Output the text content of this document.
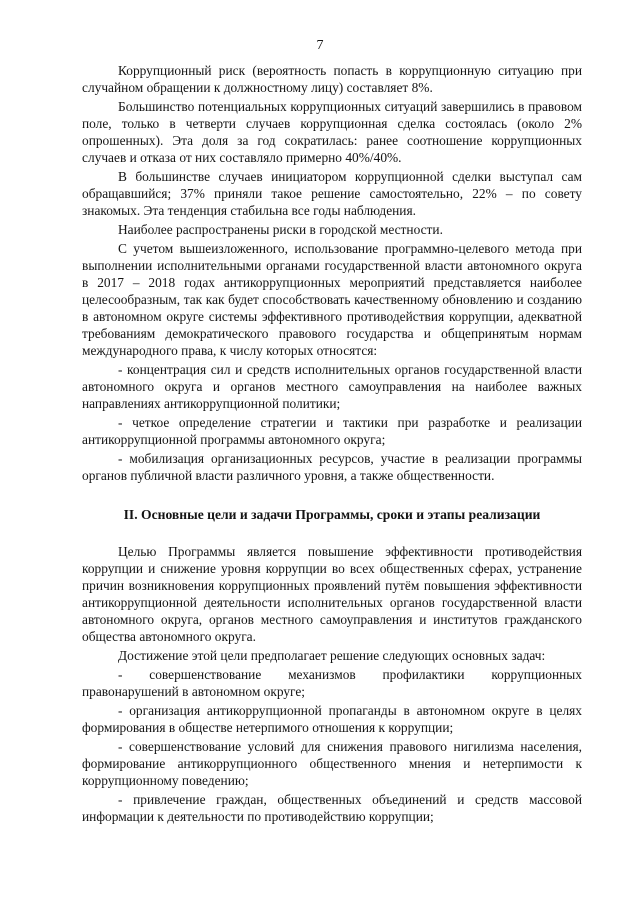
7

Коррупционный риск (вероятность попасть в коррупционную ситуацию при случайном обращении к должностному лицу) составляет 8%.

Большинство потенциальных коррупционных ситуаций завершились в правовом поле, только в четверти случаев коррупционная сделка состоялась (около 2% опрошенных). Эта доля за год сократилась: ранее соотношение коррупционных случаев и отказа от них составляло примерно 40%/40%.

В большинстве случаев инициатором коррупционной сделки выступал сам обращавшийся; 37% приняли такое решение самостоятельно, 22% – по совету знакомых. Эта тенденция стабильна все годы наблюдения.

Наиболее распространены риски в городской местности.

С учетом вышеизложенного, использование программно-целевого метода при выполнении исполнительными органами государственной власти автономного округа в 2017 – 2018 годах антикоррупционных мероприятий представляется наиболее целесообразным, так как будет способствовать качественному обновлению и созданию в автономном округе системы эффективного противодействия коррупции, адекватной требованиям демократического правового государства и общепринятым нормам международного права, к числу которых относятся:

- концентрация сил и средств исполнительных органов государственной власти автономного округа и органов местного самоуправления на наиболее важных направлениях антикоррупционной политики;

- четкое определение стратегии и тактики при разработке и реализации антикоррупционной программы автономного округа;

- мобилизация организационных ресурсов, участие в реализации программы органов публичной власти различного уровня, а также общественности.

II. Основные цели и задачи Программы, сроки и этапы реализации

Целью Программы является повышение эффективности противодействия коррупции и снижение уровня коррупции во всех общественных сферах, устранение причин возникновения коррупционных проявлений путём повышения эффективности антикоррупционной деятельности исполнительных органов государственной власти автономного округа, органов местного самоуправления и институтов гражданского общества автономного округа.

Достижение этой цели предполагает решение следующих основных задач:

- совершенствование механизмов профилактики коррупционных правонарушений в автономном округе;

- организация антикоррупционной пропаганды в автономном округе в целях формирования в обществе нетерпимого отношения к коррупции;

- совершенствование условий для снижения правового нигилизма населения, формирование антикоррупционного общественного мнения и нетерпимости к коррупционному поведению;

- привлечение граждан, общественных объединений и средств массовой информации к деятельности по противодействию коррупции;
